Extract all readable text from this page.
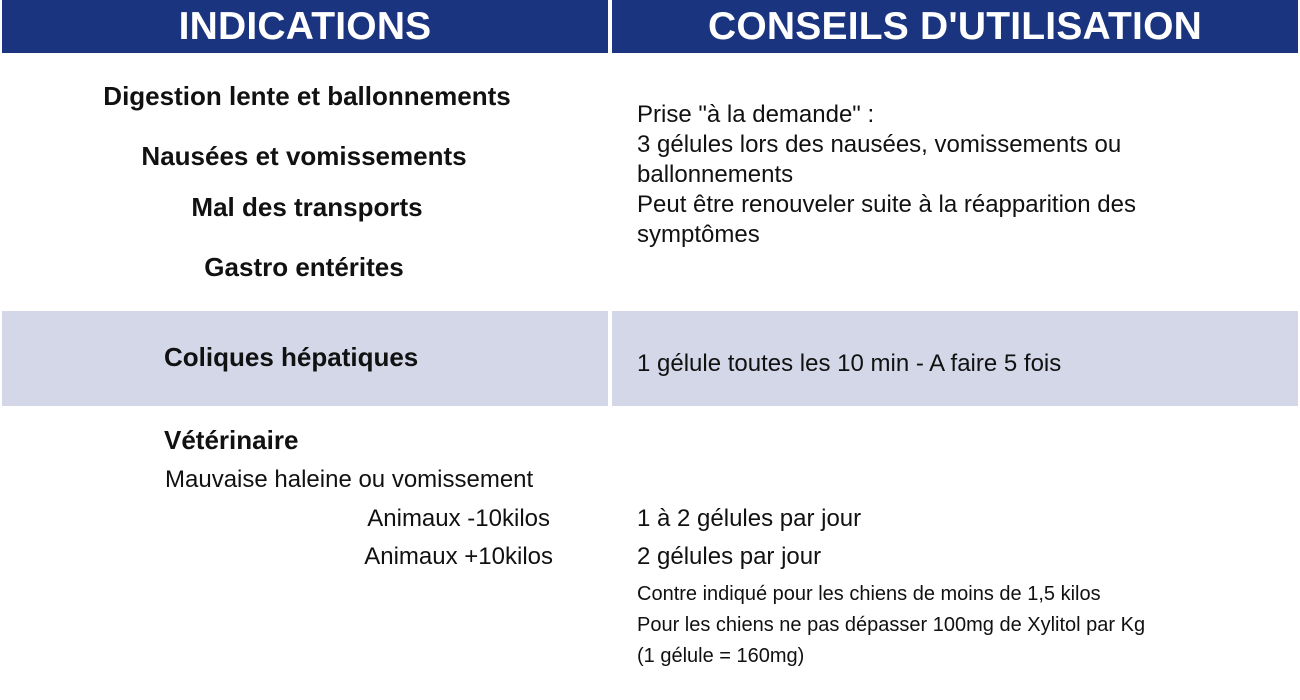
INDICATIONS	CONSEILS D'UTILISATION
Digestion lente et ballonnements
Nausées et vomissements
Mal des transports
Gastro entérites
Prise "à la demande" :
3 gélules lors des nausées, vomissements ou
ballonnements
Peut être renouveler suite à la réapparition des
symptômes
Coliques hépatiques	1 gélule toutes les 10 min - A faire 5 fois
Vétérinaire
Mauvaise haleine ou vomissement
Animaux -10kilos
Animaux +10kilos
1 à 2 gélules par jour
2 gélules par jour
Contre indiqué pour les chiens de moins de 1,5 kilos
Pour les chiens ne pas dépasser 100mg de Xylitol par Kg
(1 gélule = 160mg)
